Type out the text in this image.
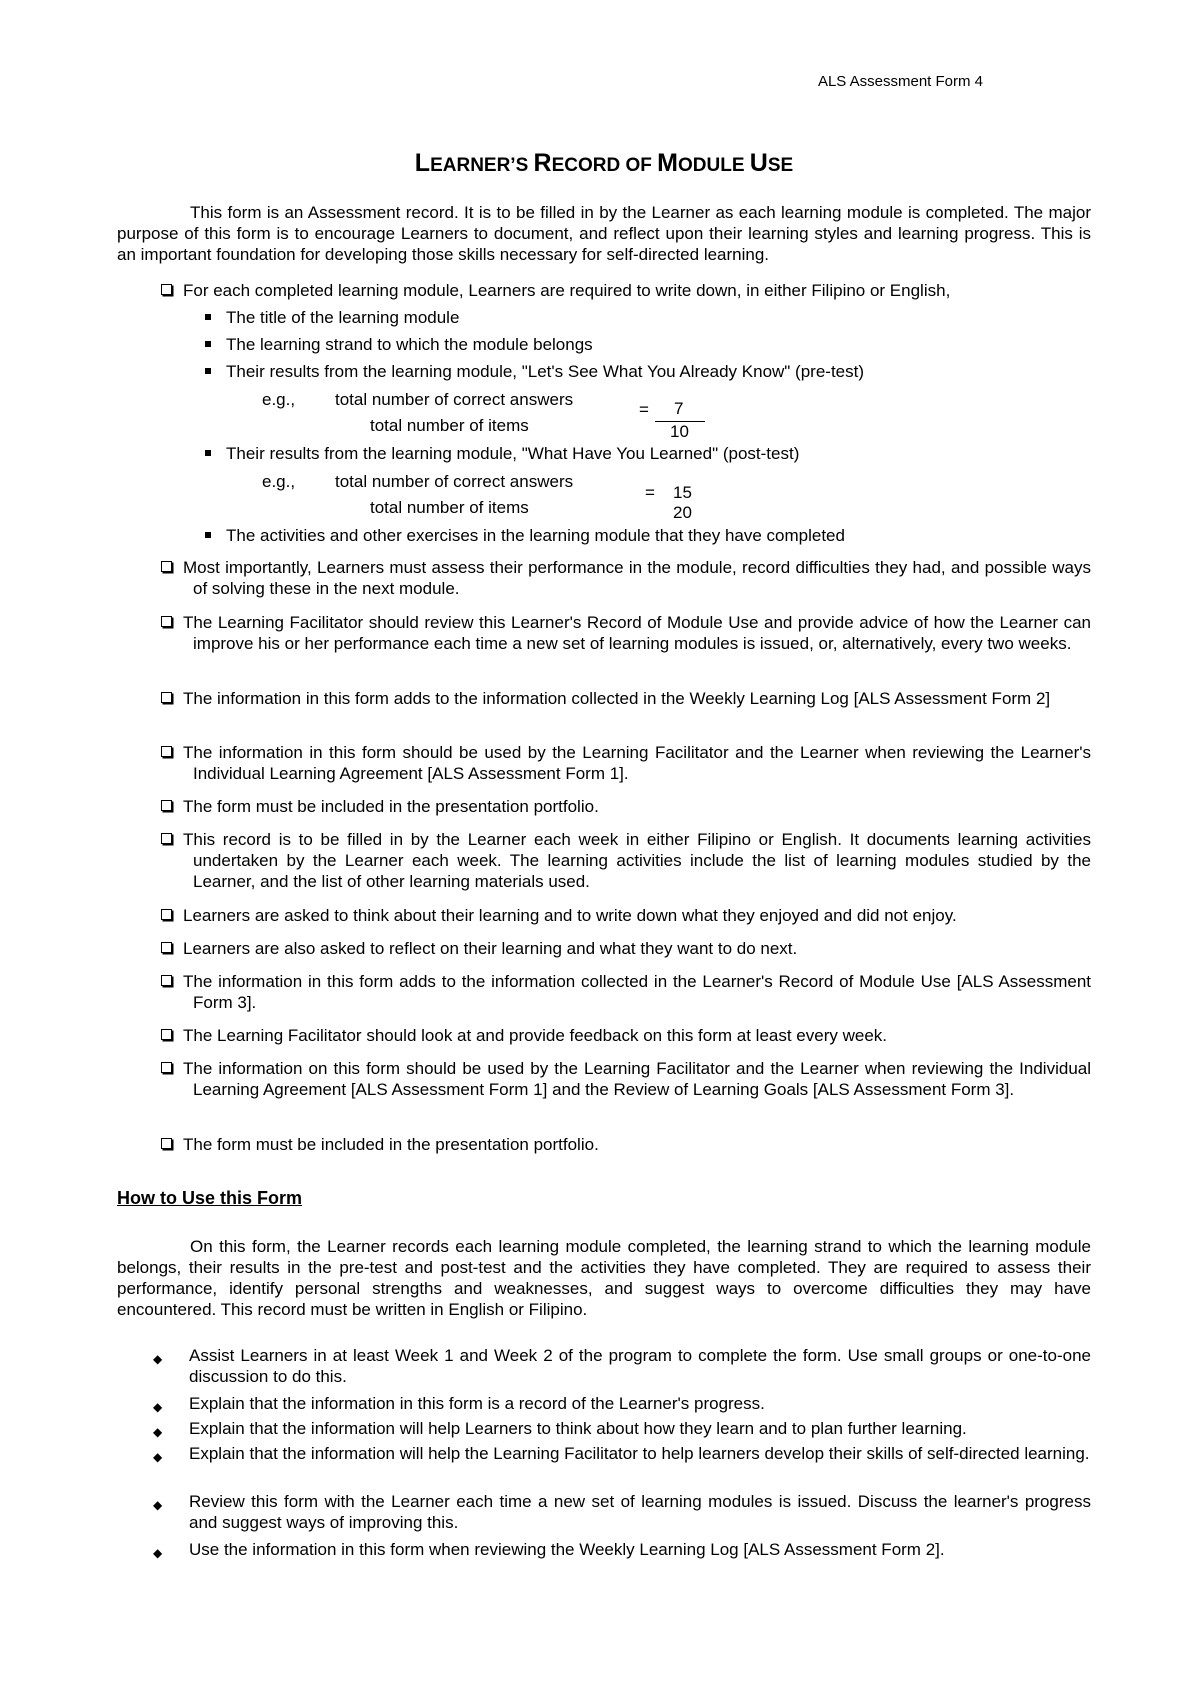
ALS Assessment Form 4
LEARNER’S RECORD OF MODULE USE
This form is an Assessment record. It is to be filled in by the Learner as each learning module is completed. The major purpose of this form is to encourage Learners to document, and reflect upon their learning styles and learning progress. This is an important foundation for developing those skills necessary for self-directed learning.
For each completed learning module, Learners are required to write down, in either Filipino or English,
The title of the learning module
The learning strand to which the module belongs
Their results from the learning module, "Let's See What You Already Know" (pre-test)
e.g., total number of correct answers
total number of items
= 7
10
Their results from the learning module, "What Have You Learned" (post-test)
e.g., total number of correct answers
total number of items
= 15
20
The activities and other exercises in the learning module that they have completed
Most importantly, Learners must assess their performance in the module, record difficulties they had, and possible ways of solving these in the next module.
The Learning Facilitator should review this Learner's Record of Module Use and provide advice of how the Learner can improve his or her performance each time a new set of learning modules is issued, or, alternatively, every two weeks.
The information in this form adds to the information collected in the Weekly Learning Log [ALS Assessment Form 2]
The information in this form should be used by the Learning Facilitator and the Learner when reviewing the Learner's Individual Learning Agreement [ALS Assessment Form 1].
The form must be included in the presentation portfolio.
This record is to be filled in by the Learner each week in either Filipino or English. It documents learning activities undertaken by the Learner each week. The learning activities include the list of learning modules studied by the Learner, and the list of other learning materials used.
Learners are asked to think about their learning and to write down what they enjoyed and did not enjoy.
Learners are also asked to reflect on their learning and what they want to do next.
The information in this form adds to the information collected in the Learner's Record of Module Use [ALS Assessment Form 3].
The Learning Facilitator should look at and provide feedback on this form at least every week.
The information on this form should be used by the Learning Facilitator and the Learner when reviewing the Individual Learning Agreement [ALS Assessment Form 1] and the Review of Learning Goals [ALS Assessment Form 3].
The form must be included in the presentation portfolio.
How to Use this Form
On this form, the Learner records each learning module completed, the learning strand to which the learning module belongs, their results in the pre-test and post-test and the activities they have completed. They are required to assess their performance, identify personal strengths and weaknesses, and suggest ways to overcome difficulties they may have encountered. This record must be written in English or Filipino.
◆ Assist Learners in at least Week 1 and Week 2 of the program to complete the form. Use small groups or one-to-one discussion to do this.
◆ Explain that the information in this form is a record of the Learner's progress.
◆ Explain that the information will help Learners to think about how they learn and to plan further learning.
◆ Explain that the information will help the Learning Facilitator to help learners develop their skills of self-directed learning.
◆ Review this form with the Learner each time a new set of learning modules is issued. Discuss the learner's progress and suggest ways of improving this.
◆ Use the information in this form when reviewing the Weekly Learning Log [ALS Assessment Form 2].
